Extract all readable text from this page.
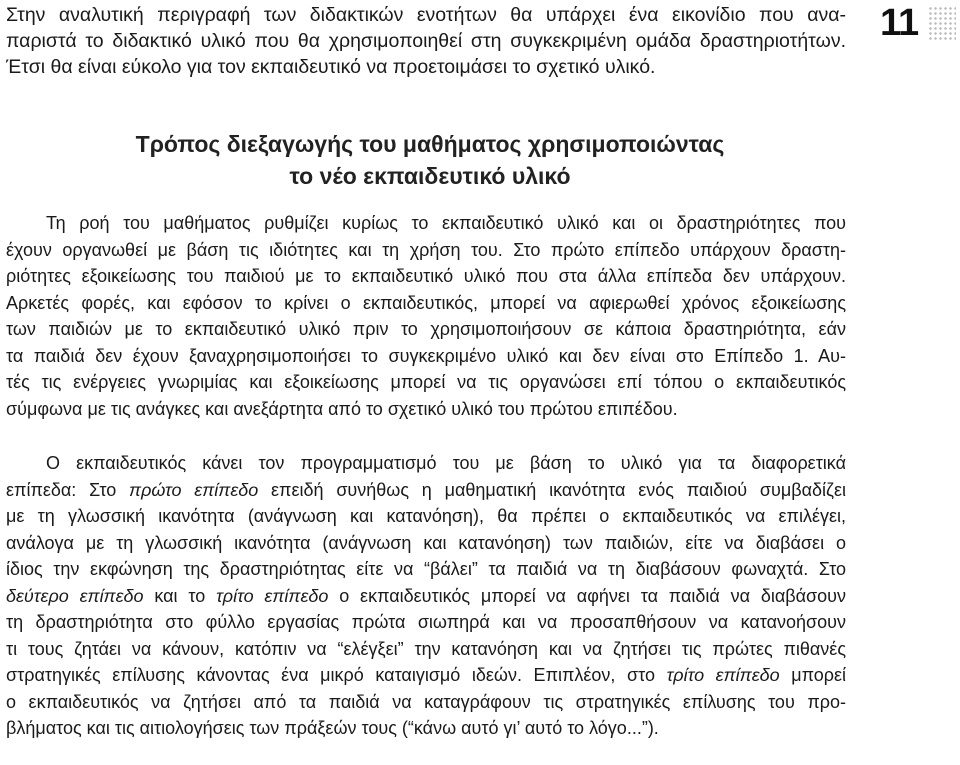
Στην αναλυτική περιγραφή των διδακτικών ενοτήτων θα υπάρχει ένα εικονίδιο που ανα-
παριστά το διδακτικό υλικό που θα χρησιμοποιηθεί στη συγκεκριμένη ομάδα δραστηριοτήτων.
Έτσι θα είναι εύκολο για τον εκπαιδευτικό να προετοιμάσει το σχετικό υλικό.

11
Τρόπος διεξαγωγής του μαθήματος χρησιμοποιώντας
το νέο εκπαιδευτικό υλικό
Τη ροή του μαθήματος ρυθμίζει κυρίως το εκπαιδευτικό υλικό και οι δραστηριότητες που
έχουν οργανωθεί με βάση τις ιδιότητες και τη χρήση του. Στο πρώτο επίπεδο υπάρχουν δραστη-
ριότητες εξοικείωσης του παιδιού με το εκπαιδευτικό υλικό που στα άλλα επίπεδα δεν υπάρχουν.
Αρκετές φορές, και εφόσον το κρίνει ο εκπαιδευτικός, μπορεί να αφιερωθεί χρόνος εξοικείωσης
των παιδιών με το εκπαιδευτικό υλικό πριν το χρησιμοποιήσουν σε κάποια δραστηριότητα, εάν
τα παιδιά δεν έχουν ξαναχρησιμοποιήσει το συγκεκριμένο υλικό και δεν είναι στο Επίπεδο 1. Αυ-
τές τις ενέργειες γνωριμίας και εξοικείωσης μπορεί να τις οργανώσει επί τόπου ο εκπαιδευτικός
σύμφωνα με τις ανάγκες και ανεξάρτητα από το σχετικό υλικό του πρώτου επιπέδου.
Ο εκπαιδευτικός κάνει τον προγραμματισμό του με βάση το υλικό για τα διαφορετικά
επίπεδα: Στο πρώτο επίπεδο επειδή συνήθως η μαθηματική ικανότητα ενός παιδιού συμβαδίζει
με τη γλωσσική ικανότητα (ανάγνωση και κατανόηση), θα πρέπει ο εκπαιδευτικός να επιλέγει,
ανάλογα με τη γλωσσική ικανότητα (ανάγνωση και κατανόηση) των παιδιών, είτε να διαβάσει ο
ίδιος την εκφώνηση της δραστηριότητας είτε να “βάλει” τα παιδιά να τη διαβάσουν φωναχτά. Στο
δεύτερο επίπεδο και το τρίτο επίπεδο ο εκπαιδευτικός μπορεί να αφήνει τα παιδιά να διαβάσουν
τη δραστηριότητα στο φύλλο εργασίας πρώτα σιωπηρά και να προσαπθήσουν να κατανοήσουν
τι τους ζητάει να κάνουν, κατόπιν να “ελέγξει” την κατανόηση και να ζητήσει τις πρώτες πιθανές
στρατηγικές επίλυσης κάνοντας ένα μικρό καταιγισμό ιδεών. Επιπλέον, στο τρίτο επίπεδο μπορεί
ο εκπαιδευτικός να ζητήσει από τα παιδιά να καταγράφουν τις στρατηγικές επίλυσης του προ-
βλήματος και τις αιτιολογήσεις των πράξεών τους (“κάνω αυτό γι’ αυτό το λόγο...”).
